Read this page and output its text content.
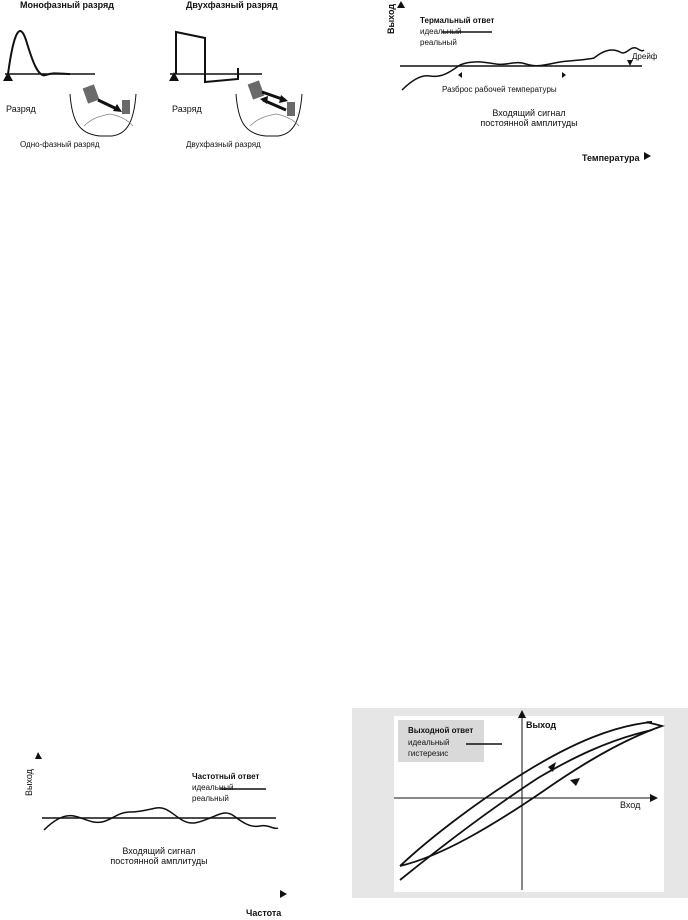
Монофазный разряд	Двухфазный разряд
Разряд	Разряд
Одно-фазный разряд	Двухфазный разряд
Выход	Термальный ответ
идеальный
реальный
Дрейф
Разброс рабочей температуры
Входящий сигнал
постоянной амплитуды
Температура
Выход	Частотный ответ
идеальный
реальный
Входящий сигнал
постоянной амплитуды
Частота
Выход
Вход
Выходной ответ
идеальный
гистерезис
